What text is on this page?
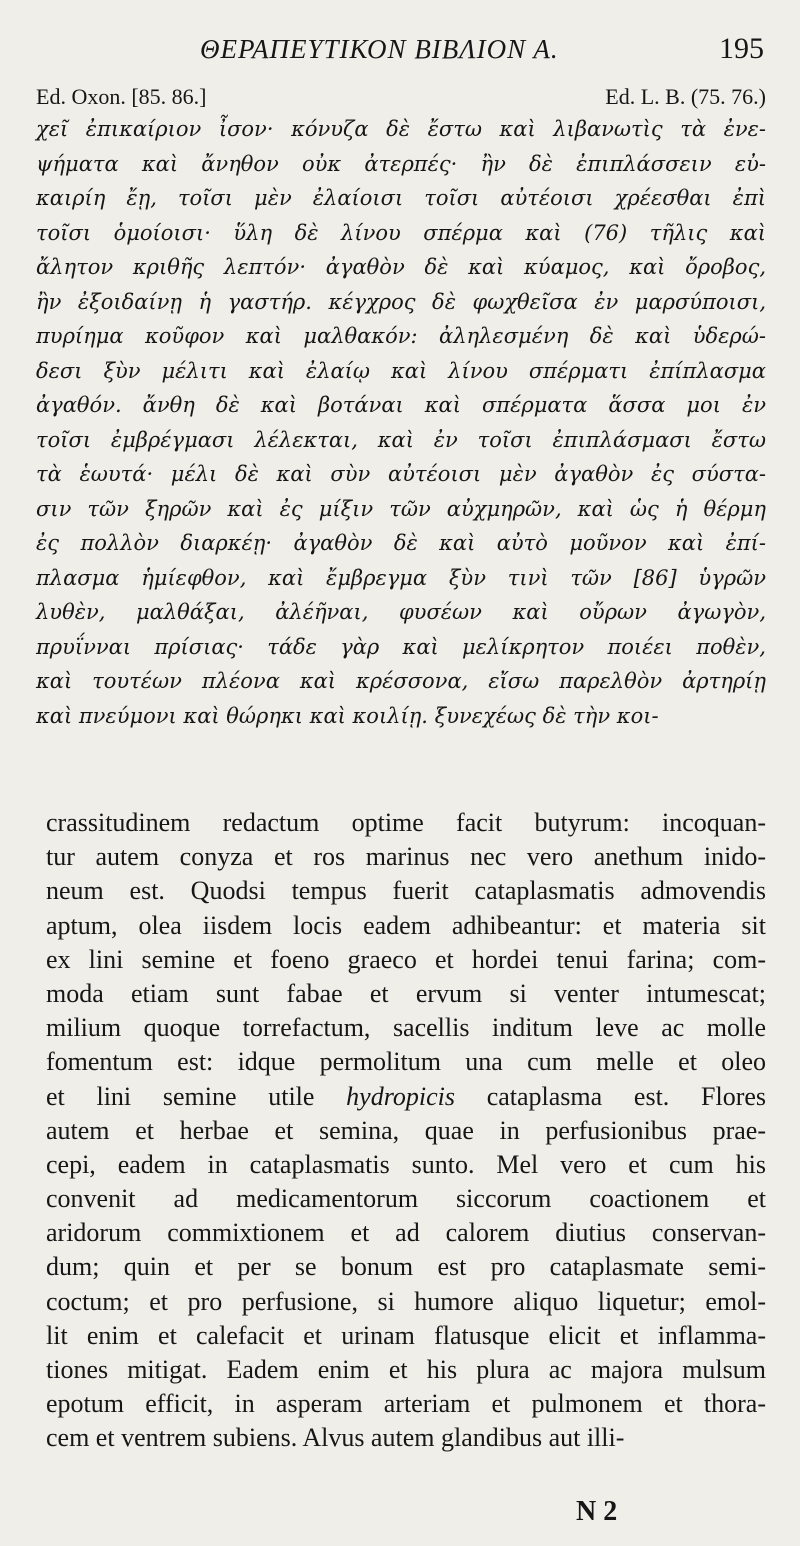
ΘΕΡΑΠΕΥΤΙΚΟΝ ΒΙΒΛΙΟΝ Α.	195
Ed. Oxon. [85. 86.]	Ed. L. B. (75. 76.)
χεῖ ἐπικαίριον ἶσον· κόνυζα δὲ ἔστω καὶ λιβανωτὶς τὰ ἐνε-
ψήματα καὶ ἄνηθον οὐκ ἀτερπές· ἢν δὲ ἐπιπλάσσειν εὐ-
καιρίη ἔῃ, τοῖσι μὲν ἐλαίοισι τοῖσι αὐτέοισι χρέεσθαι ἐπὶ
τοῖσι ὁμοίοισι· ὕλη δὲ λίνου σπέρμα καὶ (76) τῆλις καὶ
ἄλητον κριθῆς λεπτόν· ἀγαθὸν δὲ καὶ κύαμος, καὶ ὄροβος,
ἢν ἐξοιδαίνῃ ἡ γαστήρ. κέγχρος δὲ φωχθεῖσα ἐν μαρσύποισι,
πυρίημα κοῦφον καὶ μαλθακόν: ἀληλεσμένη δὲ καὶ ὑδερώ-
δεσι ξὺν μέλιτι καὶ ἐλαίῳ καὶ λίνου σπέρματι ἐπίπλασμα
ἀγαθόν. ἄνθη δὲ καὶ βοτάναι καὶ σπέρματα ἅσσα μοι ἐν
τοῖσι ἐμβρέγμασι λέλεκται, καὶ ἐν τοῖσι ἐπιπλάσμασι ἔστω
τὰ ἑωυτά· μέλι δὲ καὶ σὺν αὐτέοισι μὲν ἀγαθὸν ἐς σύστα-
σιν τῶν ξηρῶν καὶ ἐς μίξιν τῶν αὐχμηρῶν, καὶ ὡς ἡ θέρμη
ἐς πολλὸν διαρκέῃ· ἀγαθὸν δὲ καὶ αὐτὸ μοῦνον καὶ ἐπί-
πλασμα ἡμίεφθον, καὶ ἔμβρεγμα ξὺν τινὶ τῶν [86] ὑγρῶν
λυθὲν, μαλθάξαι, ἀλέῆναι, φυσέων καὶ οὔρων ἀγωγὸν,
πρυΐνναι πρίσιας· τάδε γὰρ καὶ μελίκρητον ποιέει ποθὲν,
καὶ τουτέων πλέονα καὶ κρέσσονα, εἴσω παρελθὸν ἀρτηρίῃ
καὶ πνεύμονι καὶ θώρηκι καὶ κοιλίῃ. ξυνεχέως δὲ τὴν κοι-
crassitudinem redactum optime facit butyrum: incoquan-
tur autem conyza et ros marinus nec vero anethum inido-
neum est. Quodsi tempus fuerit cataplasmatis admovendis
aptum, olea iisdem locis eadem adhibeantur: et materia sit
ex lini semine et foeno graeco et hordei tenui farina; com-
moda etiam sunt fabae et ervum si venter intumescat;
milium quoque torrefactum, sacellis inditum leve ac molle
fomentum est: idque permolitum una cum melle et oleo
et lini semine utile hydropicis cataplasma est. Flores
autem et herbae et semina, quae in perfusionibus prae-
cepi, eadem in cataplasmatis sunto. Mel vero et cum his
convenit ad medicamentorum siccorum coactionem et
aridorum commixtionem et ad calorem diutius conservan-
dum; quin et per se bonum est pro cataplasmate semi-
coctum; et pro perfusione, si humore aliquo liquetur; emol-
lit enim et calefacit et urinam flatusque elicit et inflamma-
tiones mitigat. Eadem enim et his plura ac majora mulsum
epotum efficit, in asperam arteriam et pulmonem et thora-
cem et ventrem subiens. Alvus autem glandibus aut illi-
N 2
